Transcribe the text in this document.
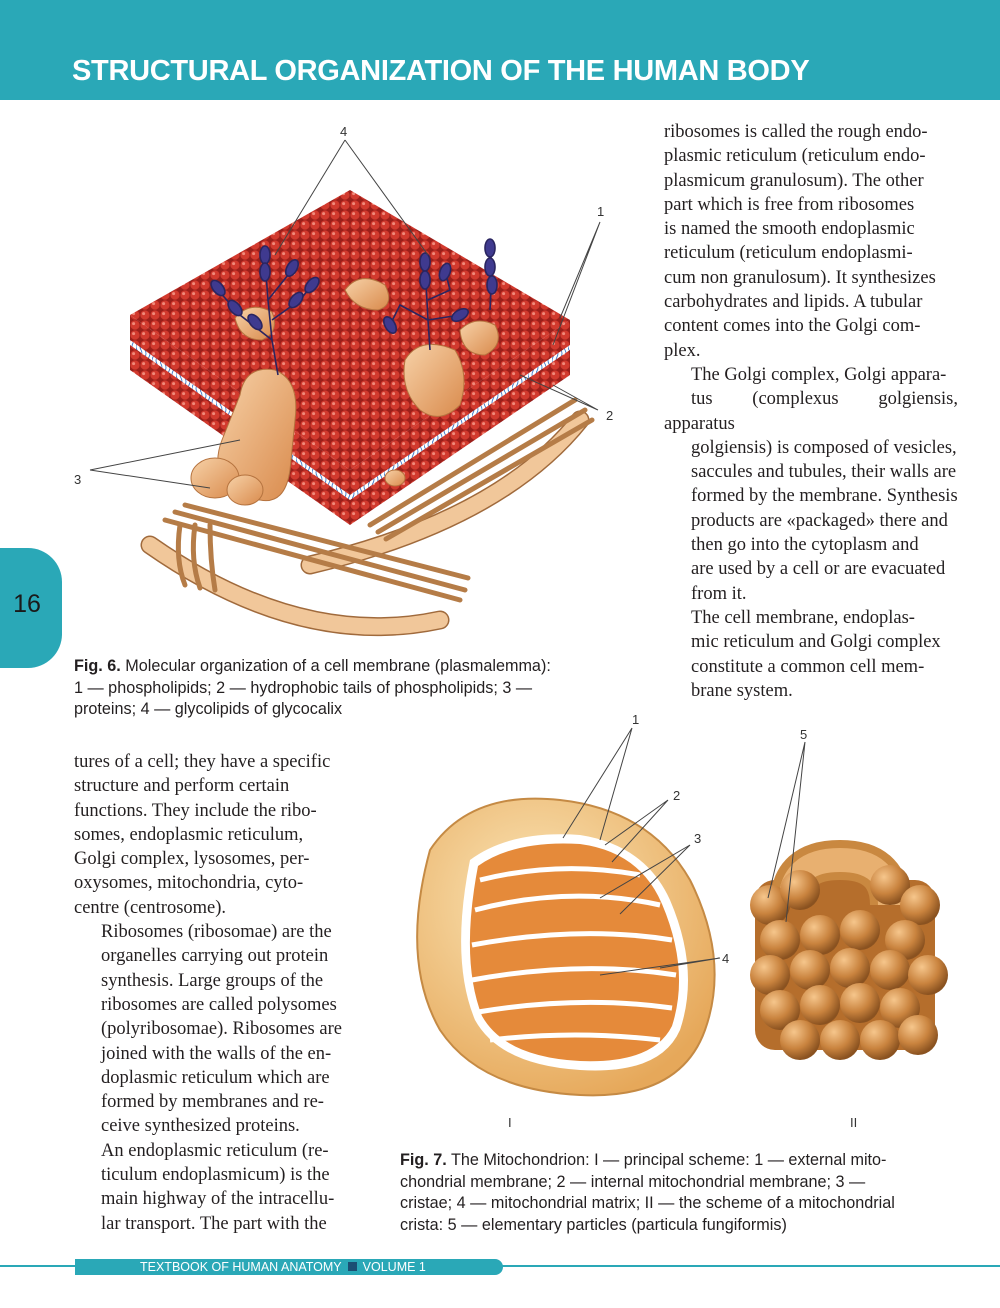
STRUCTURAL ORGANIZATION OF THE HUMAN BODY
16
4
1
2
3
Fig. 6. Molecular organization of a cell membrane (plasmalemma):
1 — phospholipids; 2 — hydrophobic tails of phospholipids; 3 —
proteins; 4 — glycolipids of glycocalix

ribosomes is called the rough endo-
plasmic reticulum (reticulum endo-
plasmicum granulosum). The other
part which is free from ribosomes
is named the smooth endoplasmic
reticulum (reticulum endoplasmi-
cum non granulosum). It synthesizes
carbohydrates and lipids. A tubular
content comes into the Golgi com-
plex.

The Golgi complex, Golgi appara-
tus (complexus golgiensis, apparatus
golgiensis) is composed of vesicles,
saccules and tubules, their walls are
formed by the membrane. Synthesis
products are «packaged» there and
then go into the cytoplasm and
are used by a cell or are evacuated
from it.

The cell membrane, endoplas-
mic reticulum and Golgi complex
constitute a common cell mem-
brane system.

tures of a cell; they have a specific
structure and perform certain
functions. They include the ribo-
somes, endoplasmic reticulum,
Golgi complex, lysosomes, per-
oxysomes, mitochondria, cyto-
centre (centrosome).

Ribosomes (ribosomae) are the
organelles carrying out protein
synthesis. Large groups of the
ribosomes are called polysomes
(polyribosomae). Ribosomes are
joined with the walls of the en-
doplasmic reticulum which are
formed by membranes and re-
ceive synthesized proteins.

An endoplasmic reticulum (re-
ticulum endoplasmicum) is the
main highway of the intracellu-
lar transport. The part with the

1
2
3
4
5
I	II
Fig. 7. The Mitochondrion: I — principal scheme: 1 — external mito-
chondrial membrane; 2 — internal mitochondrial membrane; 3 —
cristae; 4 — mitochondrial matrix; II — the scheme of a mitochondrial
crista: 5 — elementary particles (particula fungiformis)
TEXTBOOK OF HUMAN ANATOMY VOLUME 1
